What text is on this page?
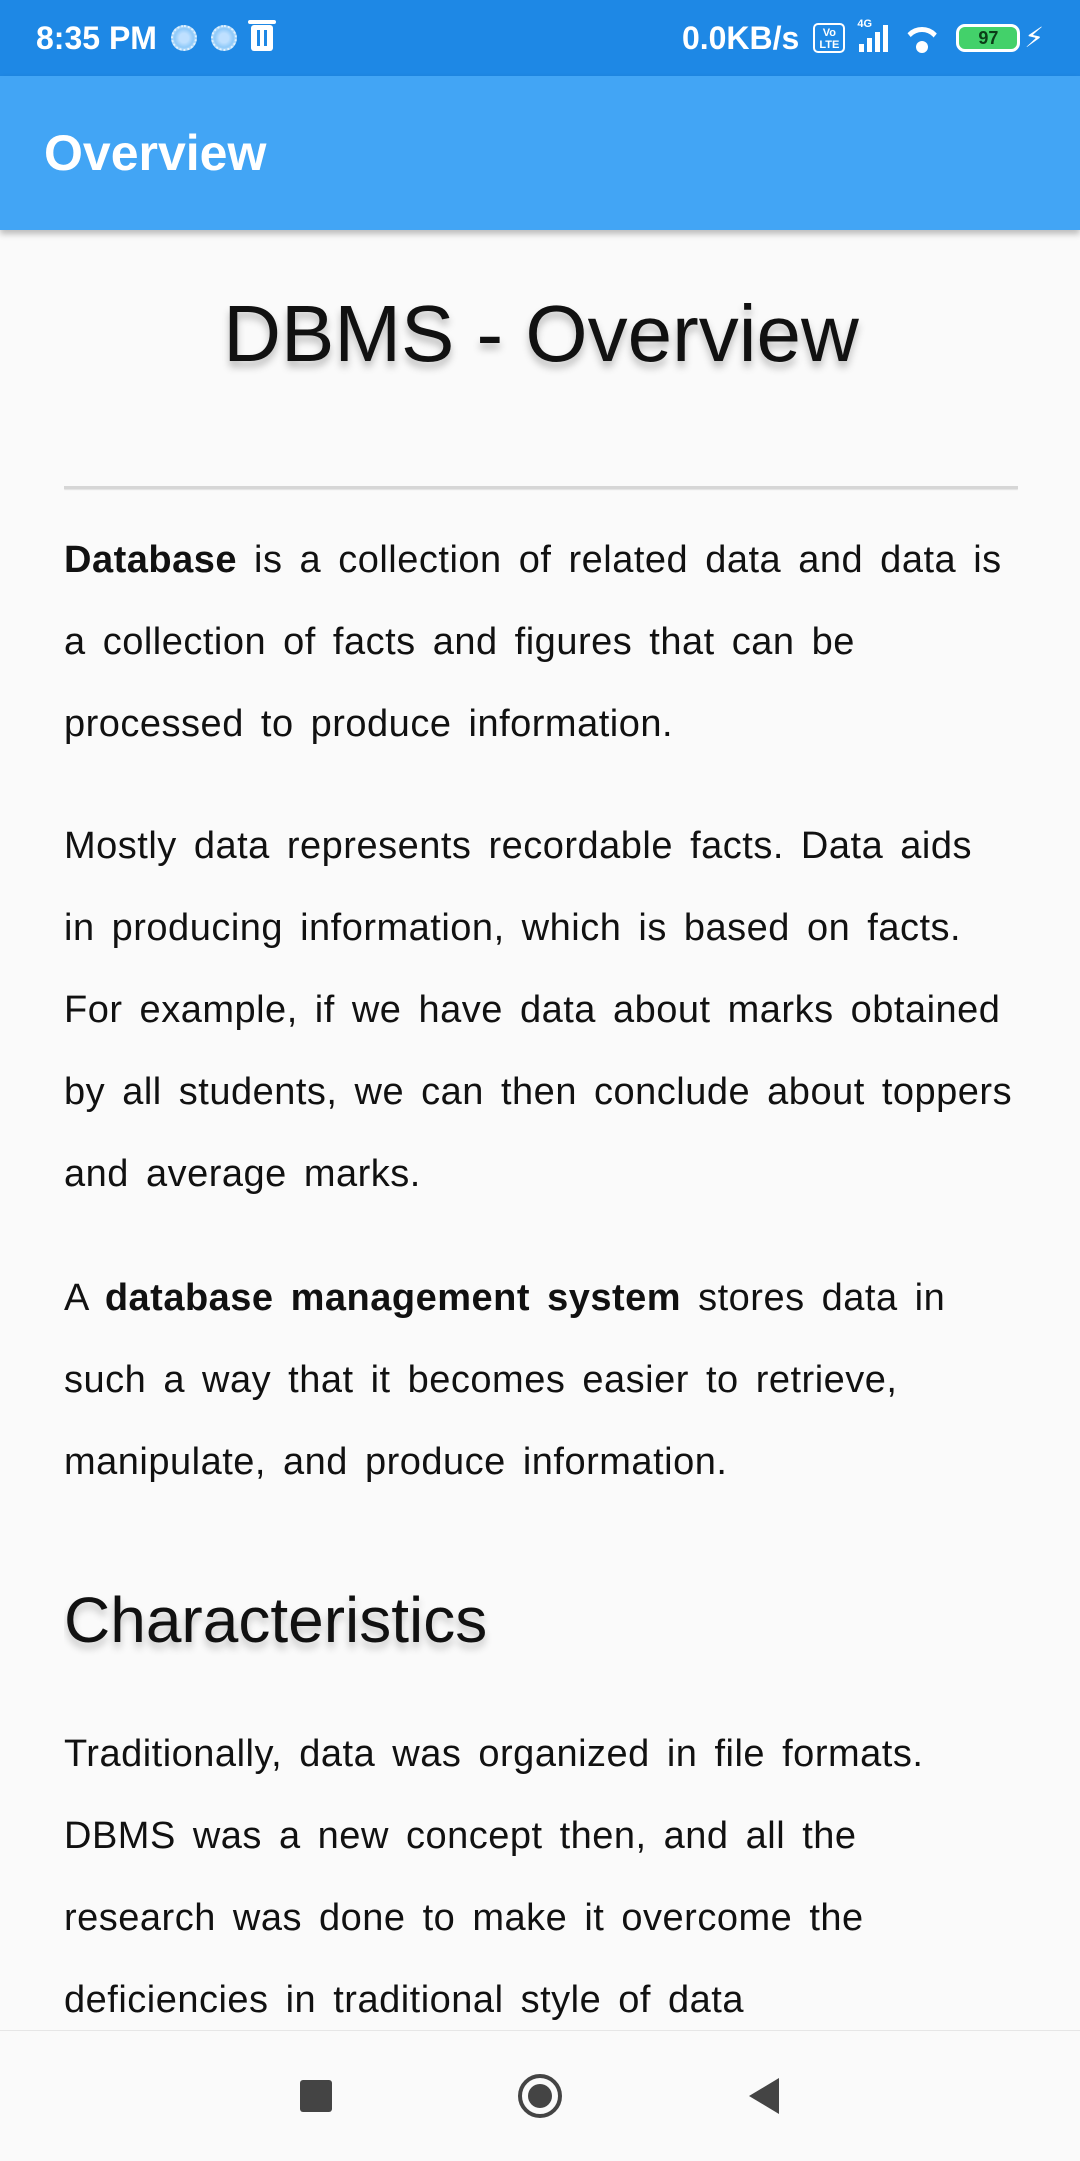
8:35 PM	0.0KB/s	Vo LTE
4G
97 ⚡
Overview
DBMS - Overview

Database is a collection of related data and data is a collection of facts and figures that can be processed to produce information.

Mostly data represents recordable facts. Data aids in producing information, which is based on facts. For example, if we have data about marks obtained by all students, we can then conclude about toppers and average marks.

A database management system stores data in such a way that it becomes easier to retrieve, manipulate, and produce information.

Characteristics

Traditionally, data was organized in file formats. DBMS was a new concept then, and all the research was done to make it overcome the deficiencies in traditional style of data
